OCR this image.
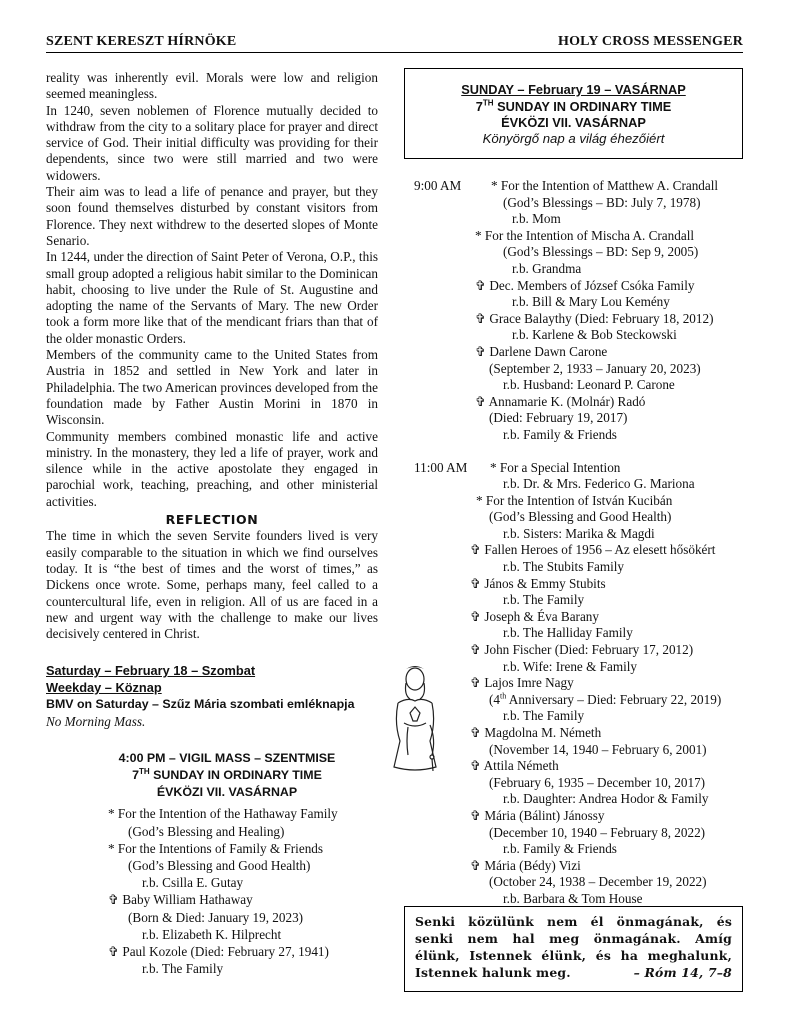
SZENT KERESZT HÍRNÖKE	HOLY CROSS MESSENGER

reality was inherently evil. Morals were low and religion seemed meaningless.

In 1240, seven noblemen of Florence mutually decided to withdraw from the city to a solitary place for prayer and direct service of God. Their initial difficulty was providing for their dependents, since two were still married and two were widowers.

Their aim was to lead a life of penance and prayer, but they soon found themselves disturbed by constant visitors from Florence. They next withdrew to the deserted slopes of Monte Senario.

In 1244, under the direction of Saint Peter of Verona, O.P., this small group adopted a religious habit similar to the Dominican habit, choosing to live under the Rule of St. Augustine and adopting the name of the Servants of Mary. The new Order took a form more like that of the mendicant friars than that of the older monastic Orders.

Members of the community came to the United States from Austria in 1852 and settled in New York and later in Philadelphia. The two American provinces developed from the foundation made by Father Austin Morini in 1870 in Wisconsin.

Community members combined monastic life and active ministry. In the monastery, they led a life of prayer, work and silence while in the active apostolate they engaged in parochial work, teaching, preaching, and other ministerial activities.

REFLECTION

The time in which the seven Servite founders lived is very easily comparable to the situation in which we find ourselves today. It is “the best of times and the worst of times,” as Dickens once wrote. Some, perhaps many, feel called to a countercultural life, even in religion. All of us are faced in a new and urgent way with the challenge to make our lives decisively centered in Christ.

Saturday – February 18 – Szombat
Weekday – Köznap
BMV on Saturday – Szűz Mária szombati emléknapja
No Morning Mass.
4:00 PM – VIGIL MASS – SZENTMISE
7TH SUNDAY IN ORDINARY TIME
ÉVKÖZI VII. VASÁRNAP
* For the Intention of the Hathaway Family
(God’s Blessing and Healing)
* For the Intentions of Family & Friends
(God’s Blessing and Good Health)
r.b. Csilla E. Gutay
✞ Baby William Hathaway
(Born & Died: January 19, 2023)
r.b. Elizabeth K. Hilprecht
✞ Paul Kozole (Died: February 27, 1941)
r.b. The Family
SUNDAY – February 19 – VASÁRNAP
7TH SUNDAY IN ORDINARY TIME
ÉVKÖZI VII. VASÁRNAP
Könyörgő nap a világ éhezőiért
9:00 AM	* For the Intention of Matthew A. Crandall
(God’s Blessings – BD: July 7, 1978)
r.b. Mom
* For the Intention of Mischa A. Crandall
(God’s Blessings – BD: Sep 9, 2005)
r.b. Grandma
✞ Dec. Members of József Csóka Family
r.b. Bill & Mary Lou Kemény
✞ Grace Balaythy (Died: February 18, 2012)
r.b. Karlene & Bob Steckowski
✞ Darlene Dawn Carone
(September 2, 1933 – January 20, 2023)
r.b. Husband: Leonard P. Carone
✞ Annamarie K. (Molnár) Radó
(Died: February 19, 2017)
r.b. Family & Friends
11:00 AM	* For a Special Intention
r.b. Dr. & Mrs. Federico G. Mariona
* For the Intention of István Kucibán
(God’s Blessing and Good Health)
r.b. Sisters: Marika & Magdi
✞ Fallen Heroes of 1956 – Az elesett hősökért
r.b. The Stubits Family
✞ János & Emmy Stubits
r.b. The Family
✞ Joseph & Éva Barany
r.b. The Halliday Family
✞ John Fischer (Died: February 17, 2012)
r.b. Wife: Irene & Family
✞ Lajos Imre Nagy
(4th Anniversary – Died: February 22, 2019)
r.b. The Family
✞ Magdolna M. Németh
(November 14, 1940 – February 6, 2001)
✞ Attila Németh
(February 6, 1935 – December 10, 2017)
r.b. Daughter: Andrea Hodor & Family
✞ Mária (Bálint) Jánossy
(December 10, 1940 – February 8, 2022)
r.b. Family & Friends
✞ Mária (Bédy) Vizi
(October 24, 1938 – December 19, 2022)
r.b. Barbara & Tom House
Senki közülünk nem él önmagának, és senki nem hal meg önmagának. Amíg élünk, Istennek élünk, és ha meghalunk, Istennek halunk meg.	– Róm 14, 7–8
